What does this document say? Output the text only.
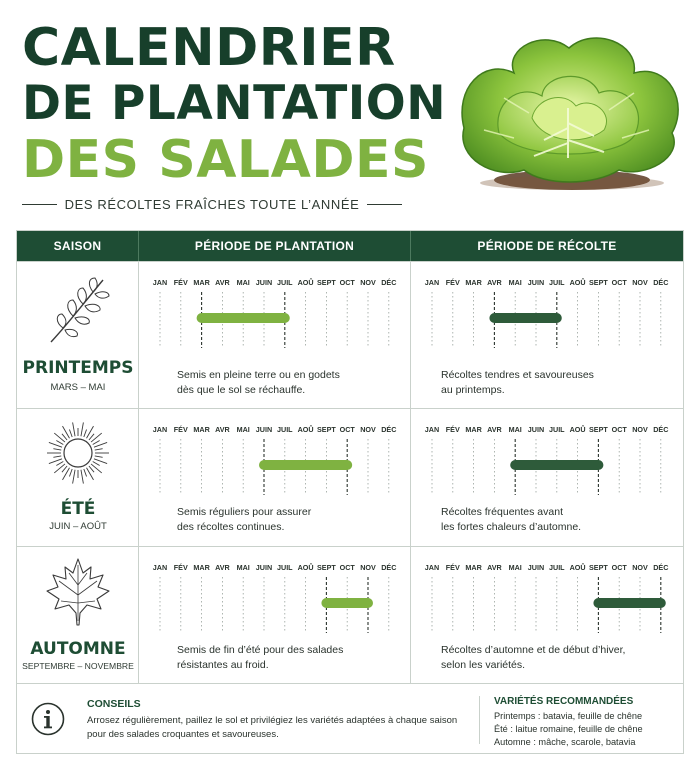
CALENDRIER
DE PLANTATION
DES SALADES
DES RÉCOLTES FRAÎCHES TOUTE L’ANNÉE
SAISON	PÉRIODE DE PLANTATION	PÉRIODE DE RÉCOLTE
PRINTEMPS
MARS – MAI
JAN FÉV MAR AVR MAI JUIN JUIL AOÛ SEPT OCT NOV DÉC
Semis en pleine terre ou en godets
dès que le sol se réchauffe.
JAN FÉV MAR AVR MAI JUIN JUIL AOÛ SEPT OCT NOV DÉC
Récoltes tendres et savoureuses
au printemps.
ÉTÉ
JUIN – AOÛT
JAN FÉV MAR AVR MAI JUIN JUIL AOÛ SEPT OCT NOV DÉC
Semis réguliers pour assurer
des récoltes continues.
JAN FÉV MAR AVR MAI JUIN JUIL AOÛ SEPT OCT NOV DÉC
Récoltes fréquentes avant
les fortes chaleurs d’automne.
AUTOMNE
SEPTEMBRE – NOVEMBRE
JAN FÉV MAR AVR MAI JUIN JUIL AOÛ SEPT OCT NOV DÉC
Semis de fin d’été pour des salades
résistantes au froid.
JAN FÉV MAR AVR MAI JUIN JUIL AOÛ SEPT OCT NOV DÉC
Récoltes d’automne et de début d’hiver,
selon les variétés.
CONSEILS
Arrosez régulièrement, paillez le sol et privilégiez les variétés adaptées à chaque saison
pour des salades croquantes et savoureuses.
VARIÉTÉS RECOMMANDÉES
Printemps : batavia, feuille de chêne
Été : laitue romaine, feuille de chêne
Automne : mâche, scarole, batavia
